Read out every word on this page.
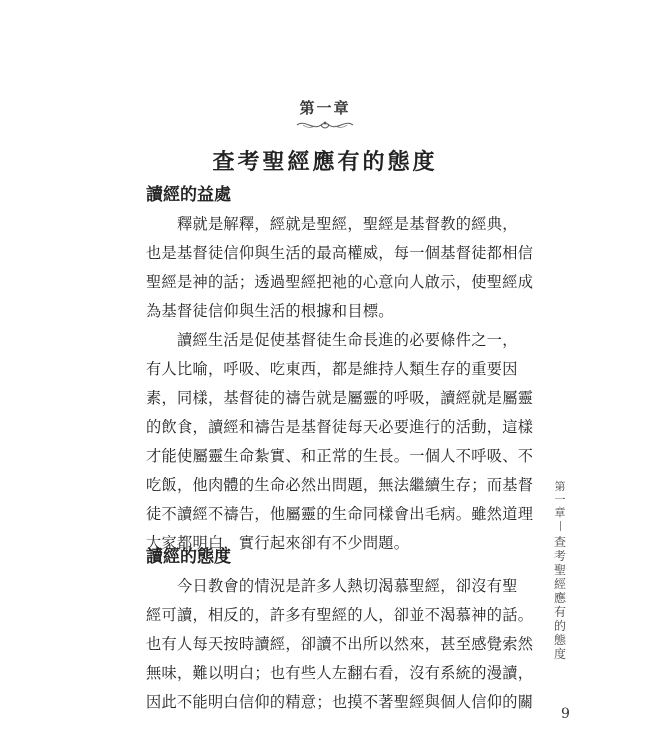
第一章
查考聖經應有的態度
讀經的益處
　　釋就是解釋，經就是聖經，聖經是基督教的經典，
也是基督徒信仰與生活的最高權威，每一個基督徒都相信
聖經是神的話；透過聖經把祂的心意向人啟示，使聖經成
為基督徒信仰與生活的根據和目標。
　　讀經生活是促使基督徒生命長進的必要條件之一，
有人比喻，呼吸、吃東西，都是維持人類生存的重要因
素，同樣，基督徒的禱告就是屬靈的呼吸，讀經就是屬靈
的飲食，讀經和禱告是基督徒每天必要進行的活動，這樣
才能使屬靈生命紮實、和正常的生長。一個人不呼吸、不
吃飯，他肉體的生命必然出問題，無法繼續生存；而基督
徒不讀經不禱告，他屬靈的生命同樣會出毛病。雖然道理
大家都明白，實行起來卻有不少問題。
讀經的態度
　　今日教會的情況是許多人熱切渴慕聖經，卻沒有聖
經可讀，相反的，許多有聖經的人，卻並不渴慕神的話。
也有人每天按時讀經，卻讀不出所以然來，甚至感覺索然
無味，難以明白；也有些人左翻右看，沒有系統的漫讀，
因此不能明白信仰的精意；也摸不著聖經與個人信仰的關
第
一
章
查
考
聖
經
應
有
的
態
度
9
